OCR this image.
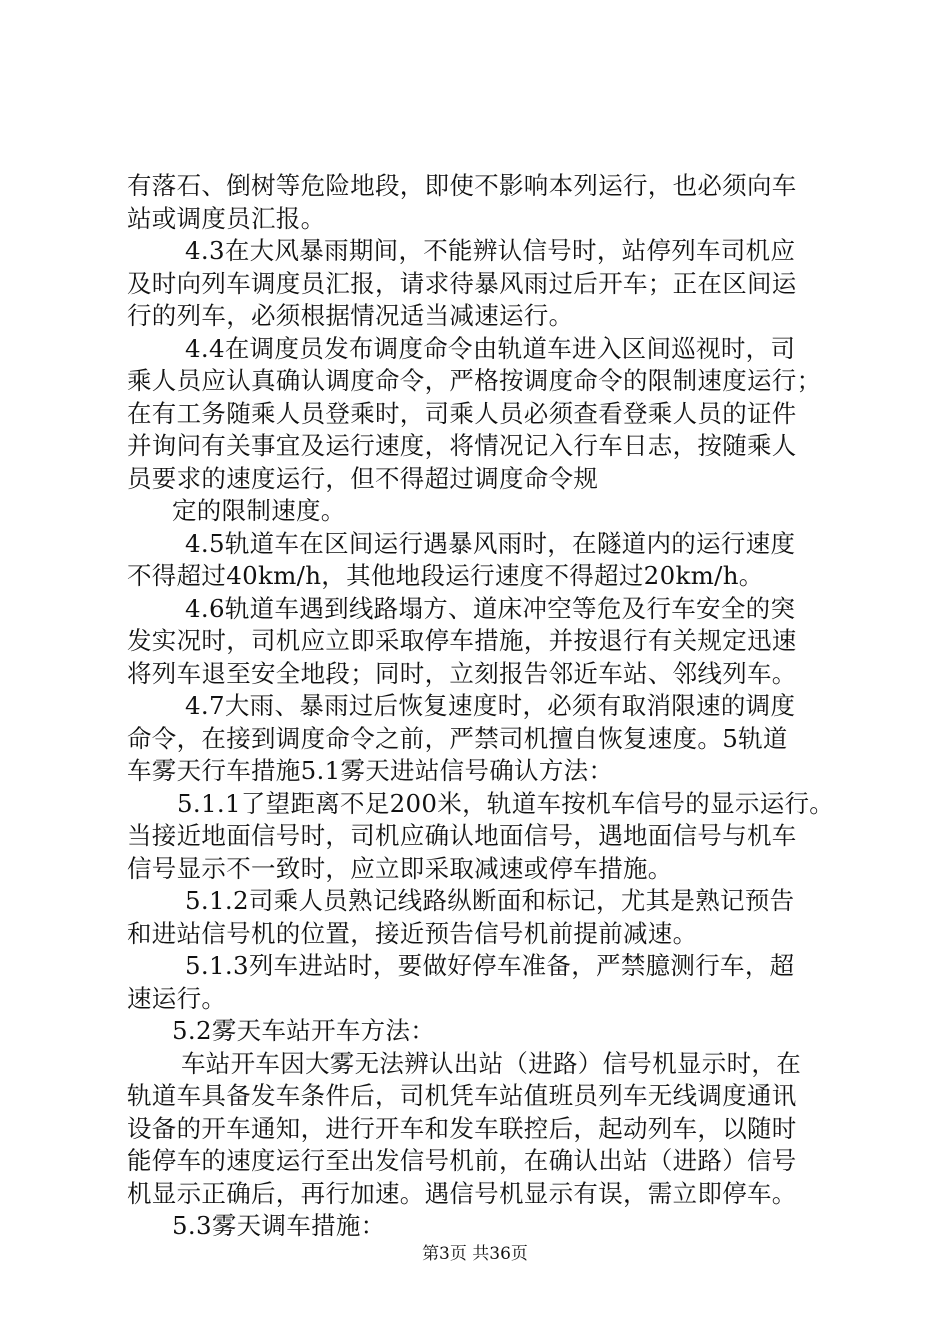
有落石、倒树等危险地段，即使不影响本列运行，也必须向车
站或调度员汇报。
4.3在大风暴雨期间，不能辨认信号时，站停列车司机应
及时向列车调度员汇报，请求待暴风雨过后开车；正在区间运
行的列车，必须根据情况适当减速运行。
4.4在调度员发布调度命令由轨道车进入区间巡视时，司
乘人员应认真确认调度命令，严格按调度命令的限制速度运行；
在有工务随乘人员登乘时，司乘人员必须查看登乘人员的证件
并询问有关事宜及运行速度，将情况记入行车日志，按随乘人
员要求的速度运行，但不得超过调度命令规
定的限制速度。
4.5轨道车在区间运行遇暴风雨时，在隧道内的运行速度
不得超过40km/h，其他地段运行速度不得超过20km/h。
4.6轨道车遇到线路塌方、道床冲空等危及行车安全的突
发实况时，司机应立即采取停车措施，并按退行有关规定迅速
将列车退至安全地段；同时，立刻报告邻近车站、邻线列车。
4.7大雨、暴雨过后恢复速度时，必须有取消限速的调度
命令，在接到调度命令之前，严禁司机擅自恢复速度。5轨道
车雾天行车措施5.1雾天进站信号确认方法：
5.1.1了望距离不足200米，轨道车按机车信号的显示运行。
当接近地面信号时，司机应确认地面信号，遇地面信号与机车
信号显示不一致时，应立即采取减速或停车措施。
5.1.2司乘人员熟记线路纵断面和标记，尤其是熟记预告
和进站信号机的位置，接近预告信号机前提前减速。
5.1.3列车进站时，要做好停车准备，严禁臆测行车，超
速运行。
5.2雾天车站开车方法：
车站开车因大雾无法辨认出站（进路）信号机显示时，在
轨道车具备发车条件后，司机凭车站值班员列车无线调度通讯
设备的开车通知，进行开车和发车联控后，起动列车，以随时
能停车的速度运行至出发信号机前，在确认出站（进路）信号
机显示正确后，再行加速。遇信号机显示有误，需立即停车。
5.3雾天调车措施：
第3页 共36页
